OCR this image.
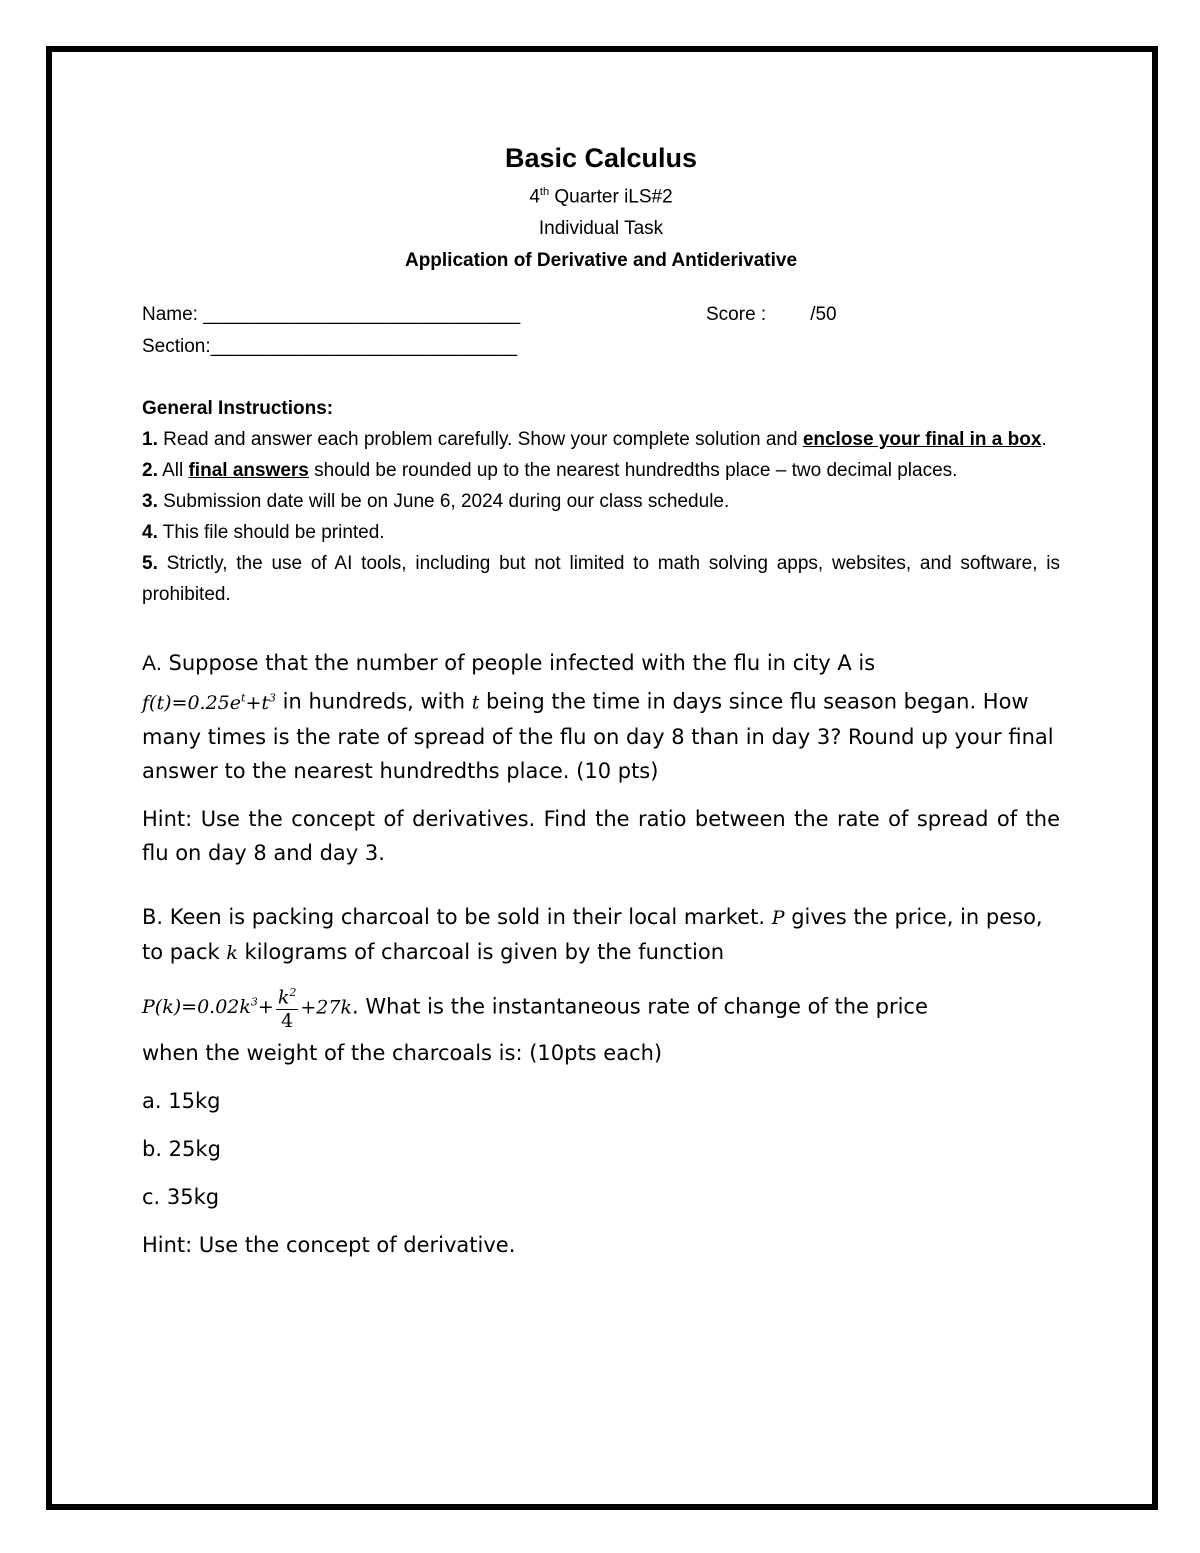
Basic Calculus

4th Quarter iLS#2

Individual Task

Application of Derivative and Antiderivative

Name: ______________________________	Score : /50
Section:_____________________________

General Instructions:

1. Read and answer each problem carefully. Show your complete solution and enclose your final in a box.

2. All final answers should be rounded up to the nearest hundredths place – two decimal places.

3. Submission date will be on June 6, 2024 during our class schedule.

4. This file should be printed.

5. Strictly, the use of AI tools, including but not limited to math solving apps, websites, and software, is prohibited.

A. Suppose that the number of people infected with the flu in city A is
$f(t)=0.25e^t+t^3$ in hundreds, with t being the time in days since flu season began. How many times is the rate of spread of the flu on day 8 than in day 3? Round up your final answer to the nearest hundredths place. (10 pts)

Hint: Use the concept of derivatives. Find the ratio between the rate of spread of the flu on day 8 and day 3.

B. Keen is packing charcoal to be sold in their local market. P gives the price, in peso, to pack k kilograms of charcoal is given by the function

$P(k)=0.02k^3+ \frac{k^2}{4} +27k$. What is the instantaneous rate of change of the price

when the weight of the charcoals is: (10pts each)

a. 15kg

b. 25kg

c. 35kg

Hint: Use the concept of derivative.
